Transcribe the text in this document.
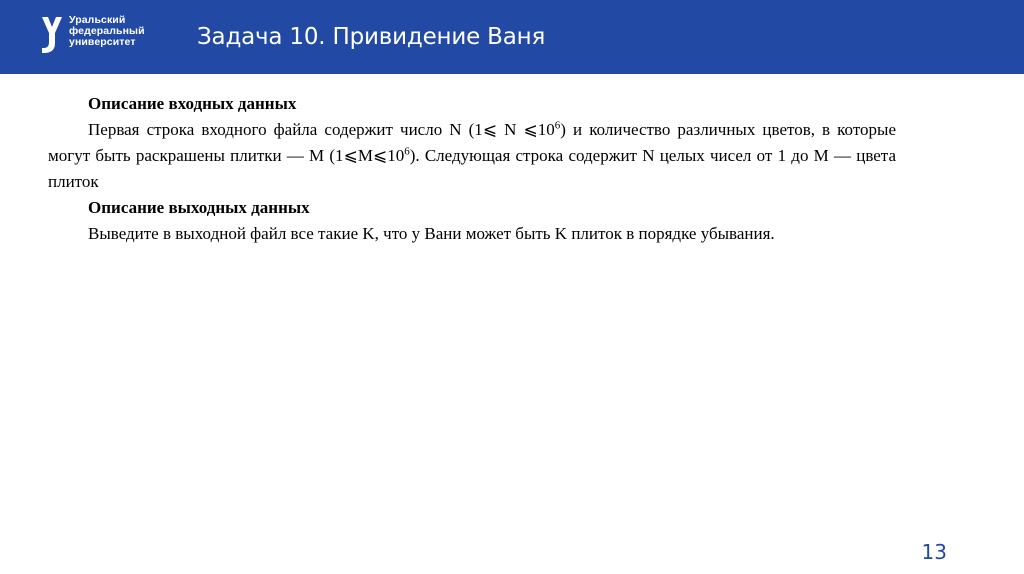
Уральский
федеральный
университет	Задача 10. Привидение Ваня

Описание входных данных

Первая строка входного файла содержит число N (1⩽ N $⩽10^6$) и количество различных цветов, в которые могут быть раскрашены плитки — M $(1⩽M⩽10^6)$. Следующая строка содержит N целых чисел от 1 до M — цвета плиток

Описание выходных данных

Выведите в выходной файл все такие K, что у Вани может быть K плиток в порядке убывания.

13
